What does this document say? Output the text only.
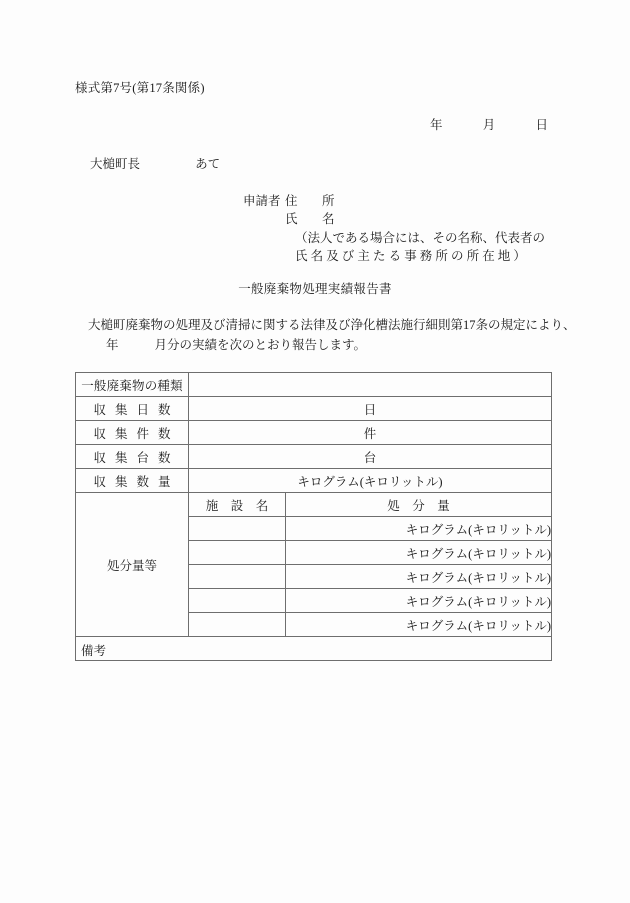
様式第7号(第17条関係)
年	月	日
大槌町長	あて
申請者 住　所
氏　名
（法人である場合には、その名称、代表者の
氏名及び主たる事務所の所在地）
一般廃棄物処理実績報告書
大槌町廃棄物の処理及び清掃に関する法律及び浄化槽法施行細則第17条の規定により、
年	月分の実績を次のとおり報告します。
一般廃棄物の種類		
収集日数	日	
収集件数	件	
収集台数	台	
収集数量	キログラム(キロリットル)	
処分量等	施　設　名	処　分　量
		キログラム(キロリットル)
		キログラム(キロリットル)
		キログラム(キロリットル)
		キログラム(キロリットル)
		キログラム(キロリットル)

備考		
